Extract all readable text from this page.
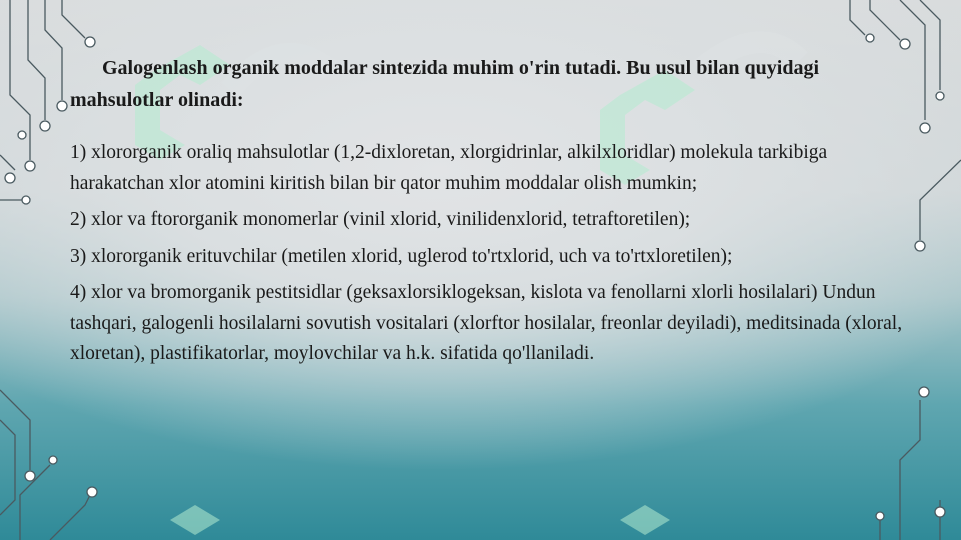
Galogenlash organik moddalar sintezida muhim o'rin tutadi. Bu usul bilan quyidagi mahsulotlar olinadi:

1) xlororganik oraliq mahsulotlar (1,2-dixloretan, xlorgidrinlar, alkilxloridlar) molekula tarkibiga harakatchan xlor atomini kiritish bilan bir qator muhim moddalar olish mumkin;

2) xlor va ftororganik monomerlar (vinil xlorid, vinilidenxlorid, tetraftoretilen);

3) xlororganik erituvchilar (metilen xlorid, uglerod to'rtxlorid, uch va to'rtxloretilen);

4) xlor va bromorganik pestitsidlar (geksaxlorsiklogeksan, kislota va fenollarni xlorli hosilalari) Undun tashqari, galogenli hosilalarni sovutish vositalari (xlorftor hosilalar, freonlar deyiladi), meditsinada (xloral, xloretan), plastifikatorlar, moylovchilar va h.k. sifatida qo'llaniladi.
